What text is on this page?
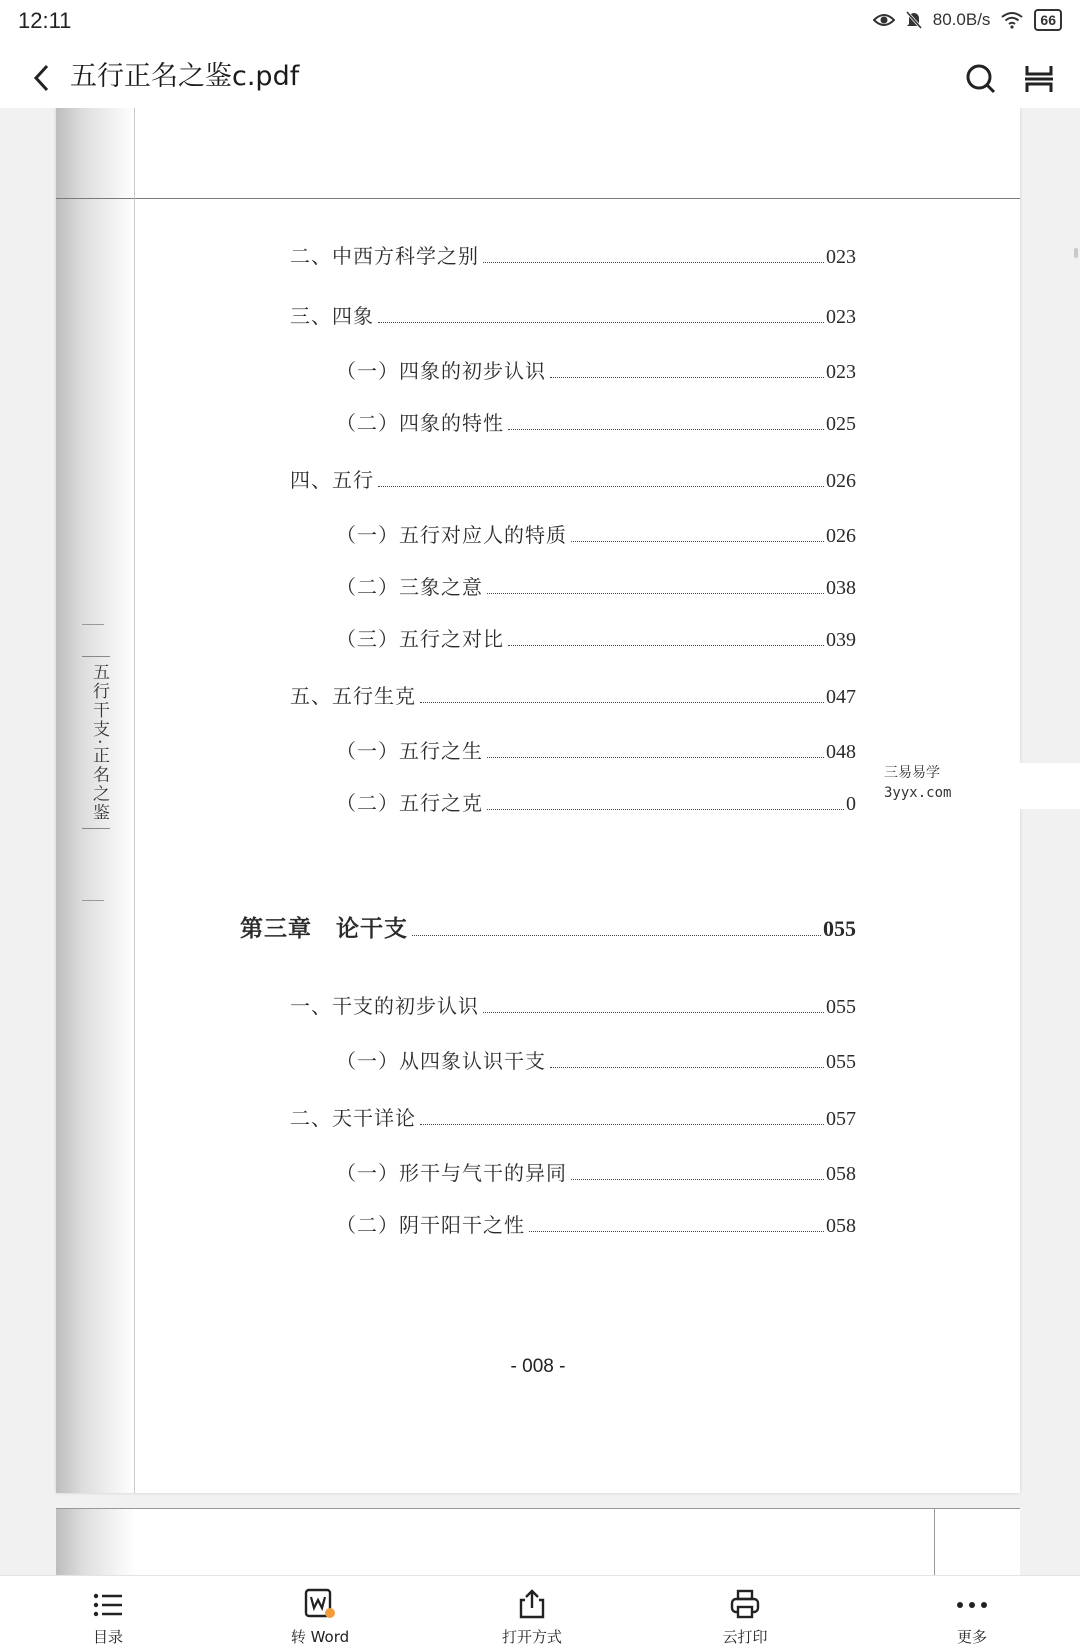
12:11	80.0B/s	66
五行正名之鉴c.pdf
五行干支·正名之鉴
二、中西方科学之别	023
三、四象	023
（一）四象的初步认识	023
（二）四象的特性	025
四、五行	026
（一）五行对应人的特质	026
（二）三象之意	038
（三）五行之对比	039
五、五行生克	047
（一）五行之生	048
（二）五行之克	0
第三章　论干支	055
一、干支的初步认识	055
（一）从四象认识干支	055
二、天干详论	057
（一）形干与气干的异同	058
（二）阴干阳干之性	058
- 008 -
三易易学
3yyx.com
目录	转 Word	打开方式	云打印	更多
